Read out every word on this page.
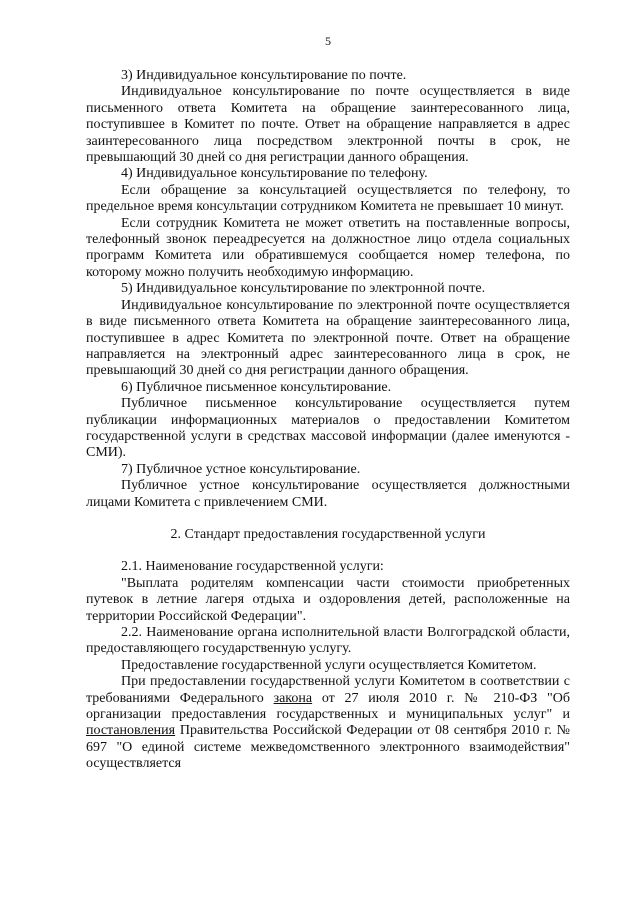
5

3) Индивидуальное консультирование по почте.

Индивидуальное консультирование по почте осуществляется в виде письменного ответа Комитета на обращение заинтересованного лица, поступившее в Комитет по почте. Ответ на обращение направляется в адрес заинтересованного лица посредством электронной почты в срок, не превышающий 30 дней со дня регистрации данного обращения.

4) Индивидуальное консультирование по телефону.

Если обращение за консультацией осуществляется по телефону, то предельное время консультации сотрудником Комитета не превышает 10 минут.

Если сотрудник Комитета не может ответить на поставленные вопросы, телефонный звонок переадресуется на должностное лицо отдела социальных программ Комитета или обратившемуся сообщается номер телефона, по которому можно получить необходимую информацию.

5) Индивидуальное консультирование по электронной почте.

Индивидуальное консультирование по электронной почте осуществляется в виде письменного ответа Комитета на обращение заинтересованного лица, поступившее в адрес Комитета по электронной почте. Ответ на обращение направляется на электронный адрес заинтересованного лица в срок, не превышающий 30 дней со дня регистрации данного обращения.

6) Публичное письменное консультирование.

Публичное письменное консультирование осуществляется путем публикации информационных материалов о предоставлении Комитетом государственной услуги в средствах массовой информации (далее именуются - СМИ).

7) Публичное устное консультирование.

Публичное устное консультирование осуществляется должностными лицами Комитета с привлечением СМИ.

2. Стандарт предоставления государственной услуги

2.1. Наименование государственной услуги:

"Выплата родителям компенсации части стоимости приобретенных путевок в летние лагеря отдыха и оздоровления детей, расположенные на территории Российской Федерации".

2.2. Наименование органа исполнительной власти Волгоградской области, предоставляющего государственную услугу.

Предоставление государственной услуги осуществляется Комитетом.

При предоставлении государственной услуги Комитетом в соответствии с требованиями Федерального закона от 27 июля 2010 г. № 210-ФЗ "Об организации предоставления государственных и муниципальных услуг" и постановления Правительства Российской Федерации от 08 сентября 2010 г. № 697 "О единой системе межведомственного электронного взаимодействия" осуществляется
